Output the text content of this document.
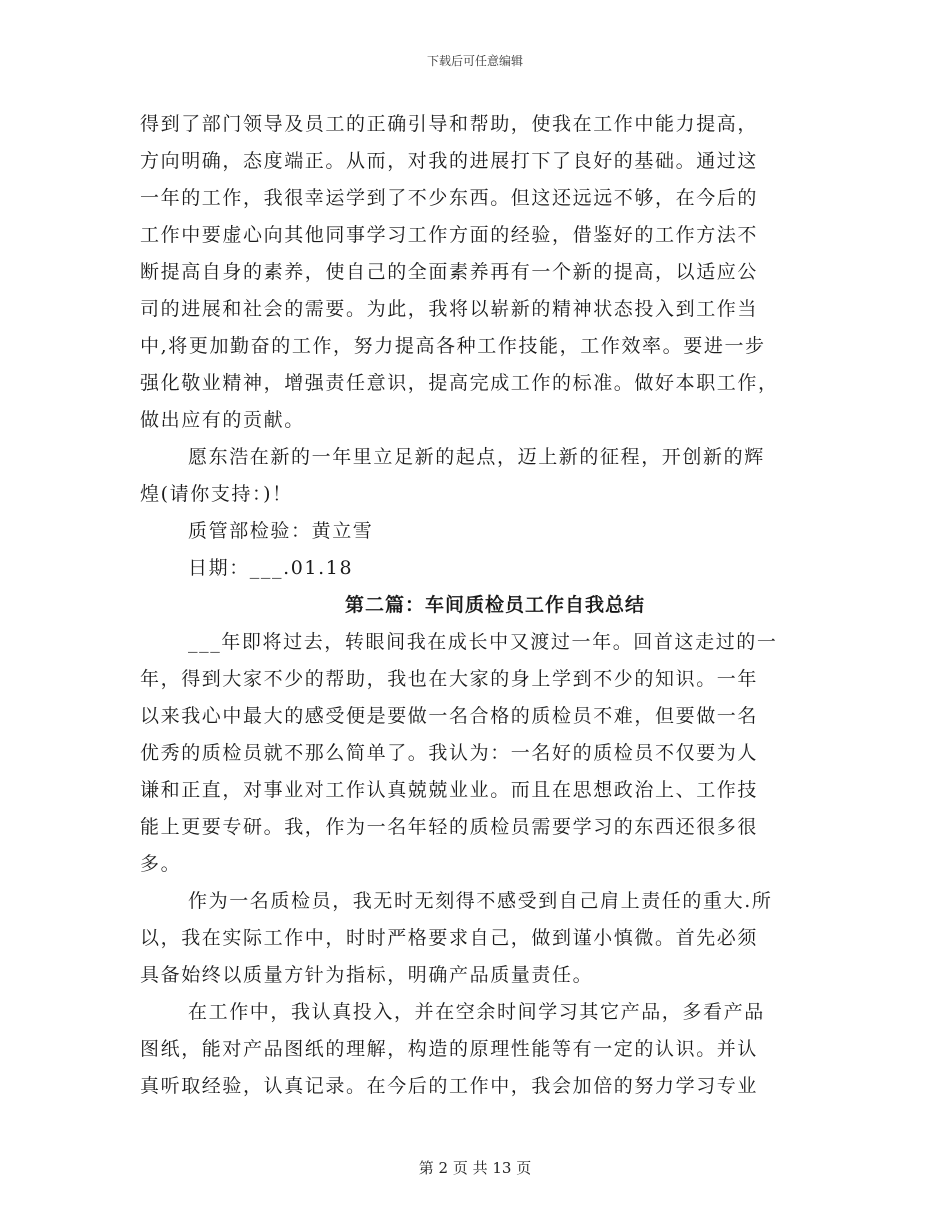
下载后可任意编辑
得到了部门领导及员工的正确引导和帮助，使我在工作中能力提高，
方向明确，态度端正。从而，对我的进展打下了良好的基础。通过这
一年的工作，我很幸运学到了不少东西。但这还远远不够，在今后的
工作中要虚心向其他同事学习工作方面的经验，借鉴好的工作方法不
断提高自身的素养，使自己的全面素养再有一个新的提高，以适应公
司的进展和社会的需要。为此，我将以崭新的精神状态投入到工作当
中,将更加勤奋的工作，努力提高各种工作技能，工作效率。要进一步
强化敬业精神，增强责任意识，提高完成工作的标准。做好本职工作，
做出应有的贡献。
愿东浩在新的一年里立足新的起点，迈上新的征程，开创新的辉
煌(请你支持：)！
质管部检验：黄立雪
日期：___.01.18
第二篇：车间质检员工作自我总结
___年即将过去，转眼间我在成长中又渡过一年。回首这走过的一
年，得到大家不少的帮助，我也在大家的身上学到不少的知识。一年
以来我心中最大的感受便是要做一名合格的质检员不难，但要做一名
优秀的质检员就不那么简单了。我认为：一名好的质检员不仅要为人
谦和正直，对事业对工作认真兢兢业业。而且在思想政治上、工作技
能上更要专研。我，作为一名年轻的质检员需要学习的东西还很多很
多。
作为一名质检员，我无时无刻得不感受到自己肩上责任的重大.所
以，我在实际工作中，时时严格要求自己，做到谨小慎微。首先必须
具备始终以质量方针为指标，明确产品质量责任。
在工作中，我认真投入，并在空余时间学习其它产品，多看产品
图纸，能对产品图纸的理解，构造的原理性能等有一定的认识。并认
真听取经验，认真记录。在今后的工作中，我会加倍的努力学习专业
第 2 页 共 13 页
